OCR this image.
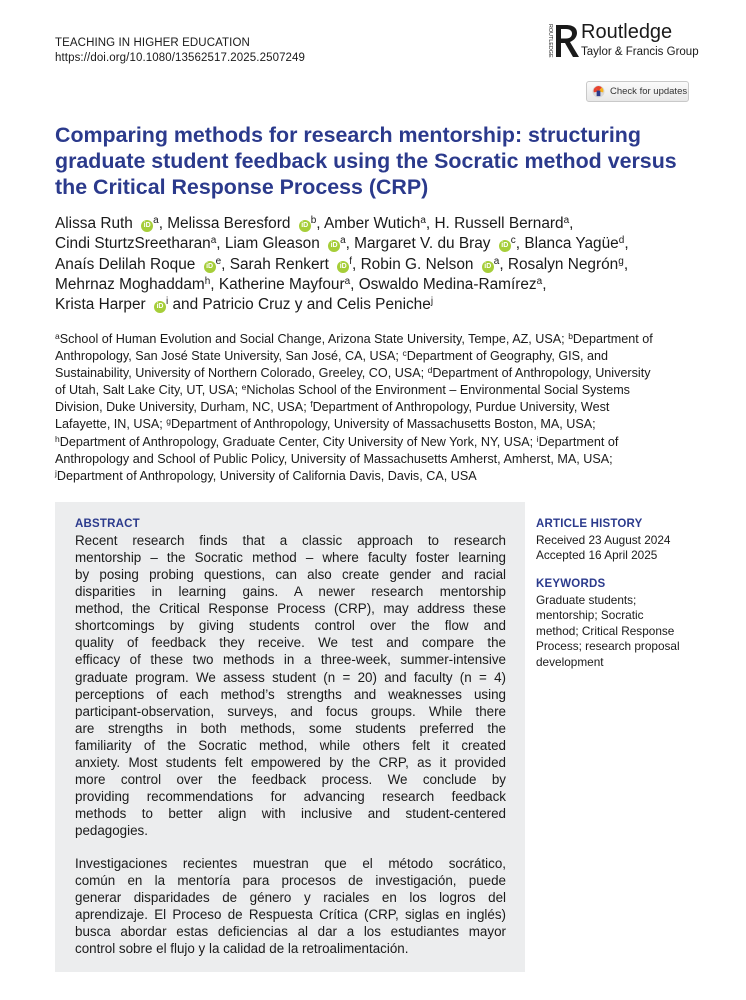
TEACHING IN HIGHER EDUCATION
https://doi.org/10.1080/13562517.2025.2507249
ROUTLEDGE Routledge
Taylor & Francis Group
Check for updates
Comparing methods for research mentorship: structuring graduate student feedback using the Socratic method versus the Critical Response Process (CRP)
Alissa Ruth iD $^a$, Melissa Beresford iD $^b$, Amber Wutich$^a$, H. Russell Bernard$^a$,
Cindi SturtzSreetharan$^a$, Liam Gleason iD $^a$, Margaret V. du Bray iD $^c$, Blanca Yagüe$^d$,
Anaís Delilah Roque iD $^e$, Sarah Renkert iD $^f$, Robin G. Nelson iD $^a$, Rosalyn Negrón$^g$,
Mehrnaz Moghaddam$^h$, Katherine Mayfour$^a$, Oswaldo Medina-Ramírez$^a$,
Krista Harper iD $^i$ and Patricio Cruz y and Celis Peniche$^j$
$^a$School of Human Evolution and Social Change, Arizona State University, Tempe, AZ, USA; $^b$Department of
Anthropology, San José State University, San José, CA, USA; $^c$Department of Geography, GIS, and
Sustainability, University of Northern Colorado, Greeley, CO, USA; $^d$Department of Anthropology, University
of Utah, Salt Lake City, UT, USA; $^e$Nicholas School of the Environment – Environmental Social Systems
Division, Duke University, Durham, NC, USA; $^f$Department of Anthropology, Purdue University, West
Lafayette, IN, USA; $^g$Department of Anthropology, University of Massachusetts Boston, MA, USA;
$^h$Department of Anthropology, Graduate Center, City University of New York, NY, USA; $^i$Department of
Anthropology and School of Public Policy, University of Massachusetts Amherst, Amherst, MA, USA;
$^j$Department of Anthropology, University of California Davis, Davis, CA, USA
ABSTRACT
Recent research finds that a classic approach to research
mentorship – the Socratic method – where faculty foster learning
by posing probing questions, can also create gender and racial
disparities in learning gains. A newer research mentorship
method, the Critical Response Process (CRP), may address these
shortcomings by giving students control over the flow and
quality of feedback they receive. We test and compare the
efficacy of these two methods in a three-week, summer-intensive
graduate program. We assess student (n = 20) and faculty (n = 4)
perceptions of each method’s strengths and weaknesses using
participant-observation, surveys, and focus groups. While there
are strengths in both methods, some students preferred the
familiarity of the Socratic method, while others felt it created
anxiety. Most students felt empowered by the CRP, as it provided
more control over the feedback process. We conclude by
providing recommendations for advancing research feedback
methods to better align with inclusive and student-centered
pedagogies.
Investigaciones recientes muestran que el método socrático,
común en la mentoría para procesos de investigación, puede
generar disparidades de género y raciales en los logros del
aprendizaje. El Proceso de Respuesta Crítica (CRP, siglas en inglés)
busca abordar estas deficiencias al dar a los estudiantes mayor
control sobre el flujo y la calidad de la retroalimentación.
ARTICLE HISTORY
Received 23 August 2024
Accepted 16 April 2025
KEYWORDS
Graduate students;
mentorship; Socratic
method; Critical Response
Process; research proposal
development
